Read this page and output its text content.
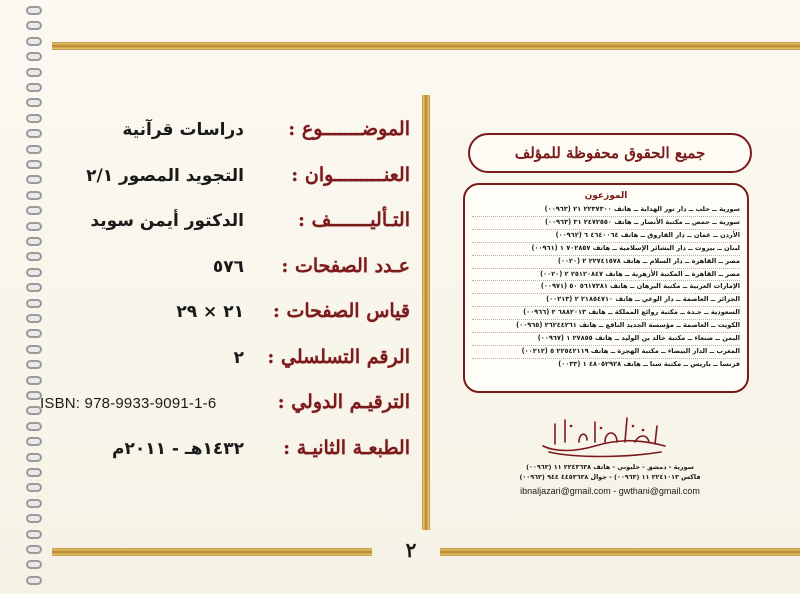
٢
الموضـــــــوع :
دراسات قرآنية
العنـــــــــوان :
التجويد المصور ٢/١
التـأليـــــــف :
الدكتور أيمن سويد
عـدد الصفحات :
٥٧٦
قياس الصفحات :
٢١ × ٢٩
الرقم التسلسلي :
٢
الترقيـم الدولي :
ISBN: 978-9933-9091-1-6
الطبعـة الثانيـة :
١٤٣٢هـ - ٢٠١١م
جميع الحقوق محفوظة للمؤلف
الموزعون
سورية ــ حلب ــ دار نور الهداية ــ هاتف ٢٢٣٧٣٠٠ ٢١ (٠٠٩٦٣)
سورية ــ حمص ــ مكتبة الأنصار ــ هاتف ٢٤٧٢٥٥٠ ٣١ (٠٠٩٦٣)
الأردن ــ عمان ــ دار الفاروق ــ هاتف ٤٦٤٠٠٦٤ ٦ (٠٠٩٦٢)
لبنان ــ بيروت ــ دار البشائر الإسلامية ــ هاتف ٧٠٢٨٥٧ ١ (٠٠٩٦١)
مصر ــ القاهرة ــ دار السلام ــ هاتف ٢٢٧٤١٥٧٨ ٢ (٠٠٢٠)
مصر ــ القاهرة ــ المكتبة الأزهرية ــ هاتف ٢٥١٢٠٨٤٧ ٢ (٠٠٢٠)
الإمارات العربية ــ مكتبة البرهان ــ هاتف ٥٦١٧٣٨١ ٥٠ (٠٠٩٧١)
الجزائر ــ العاصمة ــ دار الوعي ــ هاتف ٢١٨٥٤٧١٠ ٢ (٠٠٢١٣)
السعودية ــ جـدة ــ مكتبة روائع المملكة ــ هاتف ٦٨٨٢٠١٣ ٢ (٠٠٩٦٦)
الكويت ــ العاصمة ــ مؤسسة الجديد النافع ــ هاتف ٢٦٢٤٤٢٦١ (٠٠٩٦٥)
اليمن ــ صنعاء ــ مكتبة خالد بن الوليد ــ هاتف ٢٧٨٥٥ ١ (٠٠٩٦٧)
المغرب ــ الدار البيضاء ــ مكتبة الهجرة ــ هاتف ٢٢٥٤٢١١٩ ٥ (٠٠٢١٢)
فرنسا ــ باريس ــ مكتبة سنا ــ هاتف ٤٨٠٥٢٩٢٨ ١ (٠٠٣٣)
سورية - دمشق - حلبوني - هاتف ٢٢٤٣٦٣٨ ١١ (٠٠٩٦٣)
فاكس ٢٢٤١٠١٣ ١١ (٠٠٩٦٣) - جوال ٤٤٥٣٦٣٨ ٩٤٤ (٠٠٩٦٣)
ibnaljazari@gmail.com - gwthani@gmail.com
